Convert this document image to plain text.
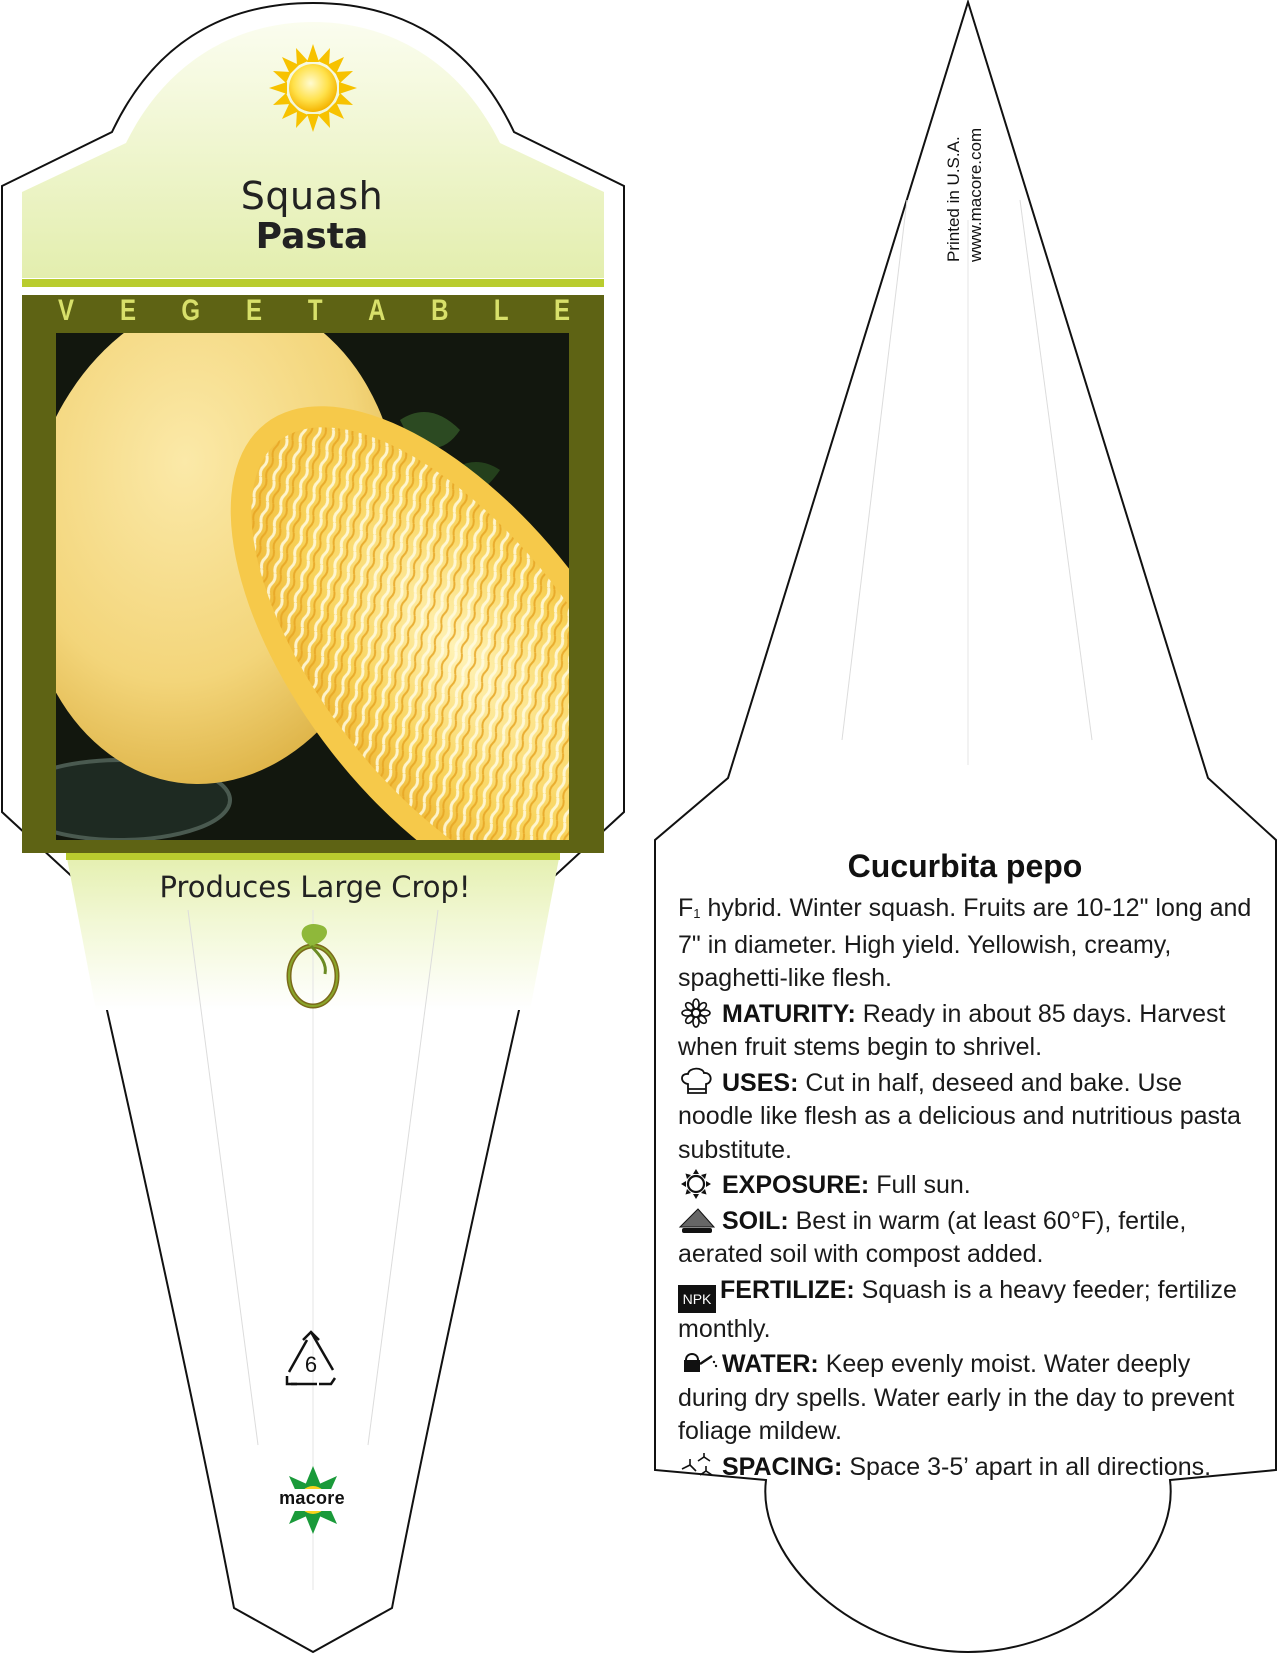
Squash
Pasta
V E G E T A B L E
Produces Large Crop!
6
macore
Printed in U.S.A. www.macore.com
Cucurbita pepo

$F_1$ hybrid. Winter squash. Fruits are 10-12" long and 7" in diameter. High yield. Yellowish, creamy, spaghetti-like flesh.

MATURITY: Ready in about 85 days. Harvest when fruit stems begin to shrivel.

USES: Cut in half, deseed and bake. Use noodle like flesh as a delicious and nutritious pasta substitute.

EXPOSURE: Full sun.

SOIL: Best in warm (at least 60°F), fertile, aerated soil with compost added.

NPK FERTILIZE: Squash is a heavy feeder; fertilize monthly.

WATER: Keep evenly moist. Water deeply during dry spells. Water early in the day to prevent foliage mildew.

SPACING: Space 3-5’ apart in all directions.
